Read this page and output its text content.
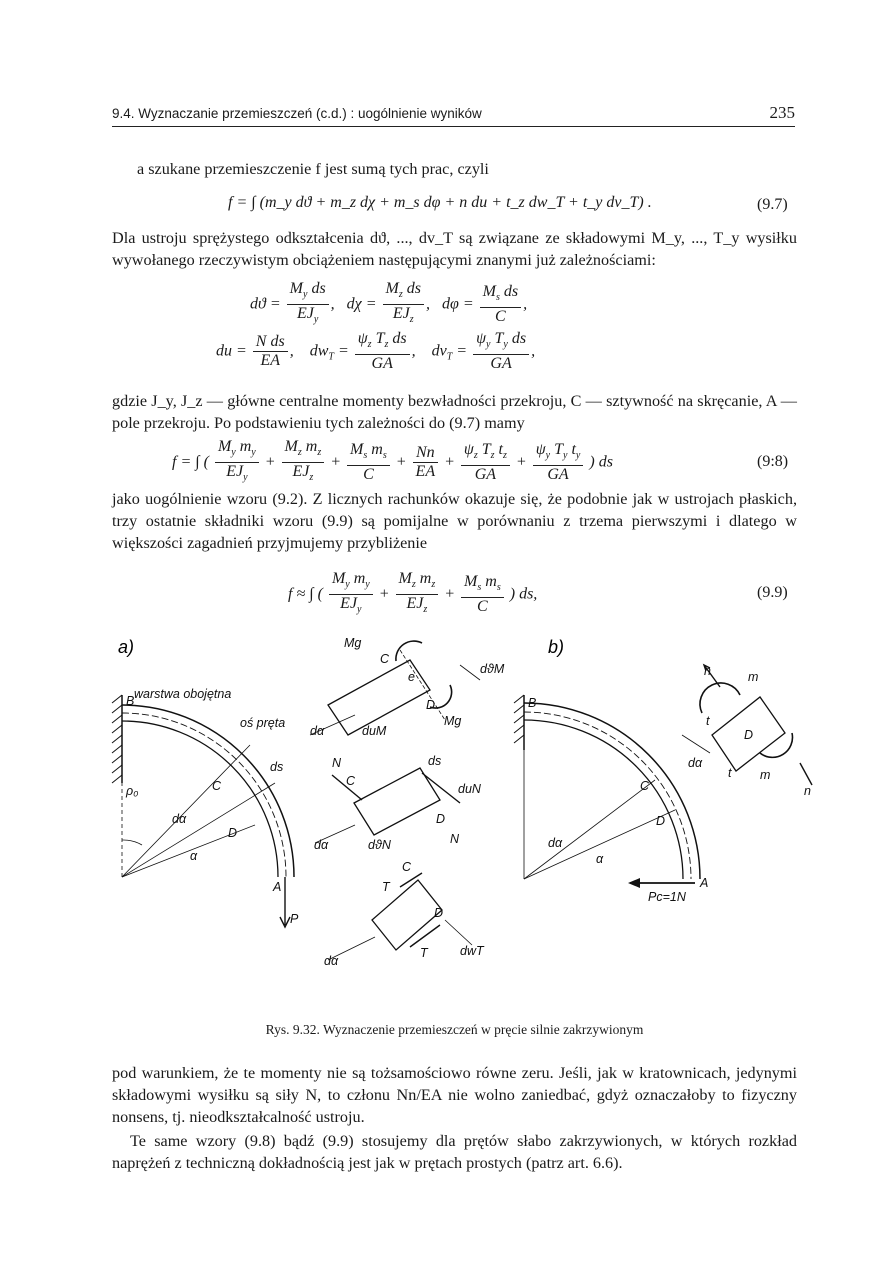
9.4. Wyznaczanie przemieszczeń (c.d.) : uogólnienie wyników	235
a szukane przemieszczenie f jest sumą tych prac, czyli
f = ∫ (m_y dϑ + m_z dχ + m_s dφ + n du + t_z dw_T + t_y dv_T) .	(9.7)

Dla ustroju sprężystego odkształcenia dϑ, ..., dv_T są związane ze składowymi M_y, ..., T_y wysiłku wywołanego rzeczywistym obciążeniem następującymi znanymi już zależnościami:

$dϑ = \frac{M_y ds}{EJ_y}$ ,   $d\chi = \frac{M_z ds}{EJ_z}$ ,   $d\varphi = \frac{M_s ds}{C}$ ,
du = $\frac{\text{N ds}}{EA}$ ,    $dw_T = \frac{\psi_z T_z ds}{GA}$ ,    $dv_T = \frac{\psi_y T_y ds}{GA}$ ,

gdzie J_y, J_z — główne centralne momenty bezwładności przekroju, C — sztywność na skręcanie, A — pole przekroju. Po podstawieniu tych zależności do (9.7) mamy

f = ∫ ( $\frac{M_y m_y}{EJ_y} + \frac{M_z m_z}{EJ_z} + \frac{M_s m_s}{C} + \frac{Nn}{EA} + \frac{\psi_z T_z t_z}{GA} + \frac{\psi_y T_y t_y}{GA}$ ) ds	(9:8)

jako uogólnienie wzoru (9.2). Z licznych rachunków okazuje się, że podobnie jak w ustrojach płaskich, trzy ostatnie składniki wzoru (9.9) są pomijalne w porównaniu z trzema pierwszymi i dlatego w większości zagadnień przyjmujemy przybliżenie

f ≈ ∫ ( $\frac{M_y m_y}{EJ_y} + \frac{M_z m_z}{EJ_z} + \frac{M_s m_s}{C}$ ) ds,	(9.9)
a)
B warstwa obojętna
oś pręta
ds
C
D
ρ₀
dα
α
A
P
Mg
C
e
D
dϑM
Mg
dα	duM
N
C
ds
duN
D
N
dα	dϑN
C
T
D
T
dα
dwT
b)
B
C
D
dα
α
A
Pc=1N
n	m
t
D
dα
t m
n
Rys. 9.32. Wyznaczenie przemieszczeń w pręcie silnie zakrzywionym

pod warunkiem, że te momenty nie są tożsamościowo równe zeru. Jeśli, jak w kratownicach, jedynymi składowymi wysiłku są siły N, to członu Nn/EA nie wolno zaniedbać, gdyż oznaczałoby to fizyczny nonsens, tj. nieodkształcalność ustroju.

Te same wzory (9.8) bądź (9.9) stosujemy dla prętów słabo zakrzywionych, w których rozkład naprężeń z techniczną dokładnością jest jak w prętach prostych (patrz art. 6.6).
